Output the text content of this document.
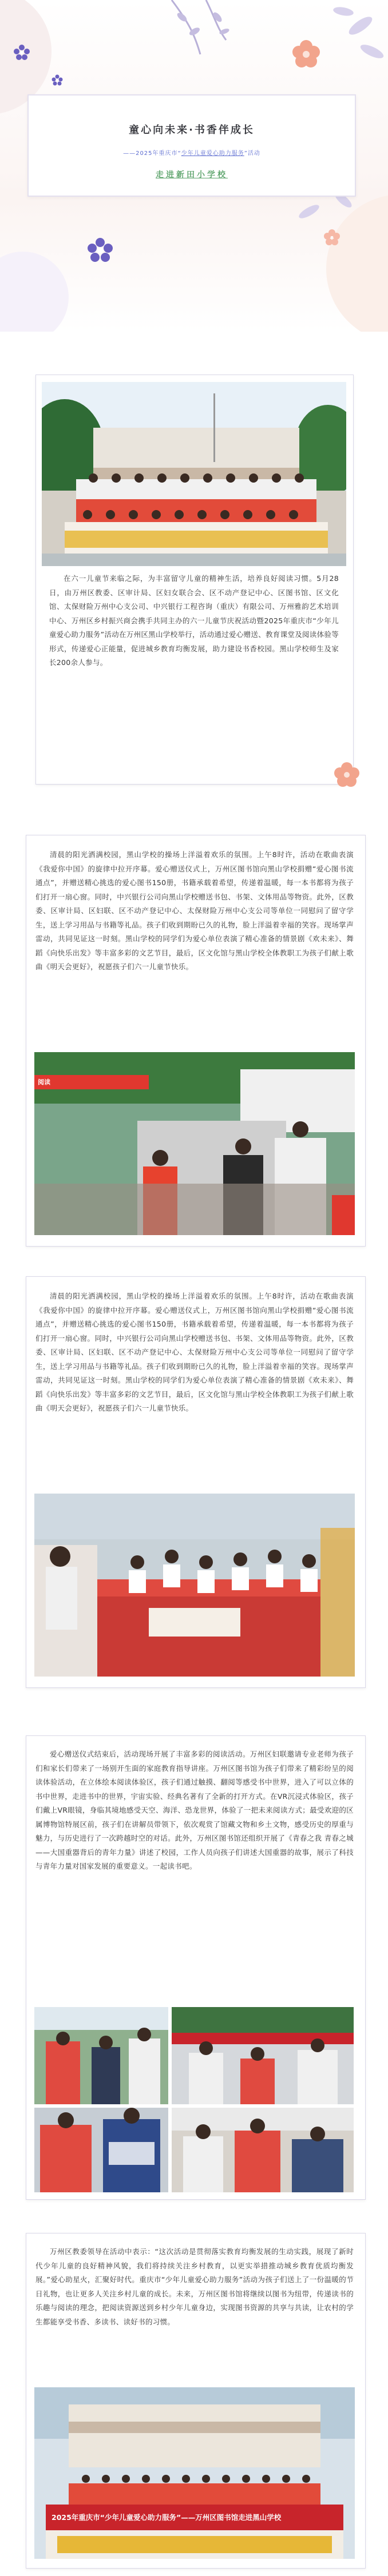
童心向未来·书香伴成长
——2025年重庆市“少年儿童爱心助力服务”活动
走进新田小学校
在六一儿童节来临之际，为丰富留守儿童的精神生活，培养良好阅读习惯。5月28日，由万州区教委、区审计局、区妇女联合会、区不动产登记中心、区图书馆、区文化馆、太保财险万州中心支公司、中兴银行工程咨询（重庆）有限公司、万州雅韵艺术培训中心、万州区乡村振兴商会携手共同主办的六一儿童节庆祝活动暨2025年重庆市“少年儿童爱心助力服务”活动在万州区黑山学校举行，活动通过爱心赠送、教育课堂及阅读体验等形式，传递爱心正能量，促进城乡教育均衡发展，助力建设书香校园。黑山学校师生及家长200余人参与。
清晨的阳光洒满校园，黑山学校的操场上洋溢着欢乐的氛围。上午8时许，活动在歌曲表演《我爱你中国》的旋律中拉开序幕。爱心赠送仪式上，万州区图书馆向黑山学校捐赠“爱心图书流通点”，并赠送精心挑选的爱心图书150册，书籍承载着希望，传递着温暖，每一本书都将为孩子们打开一扇心窗。同时，中兴银行公司向黑山学校赠送书包、书架、文体用品等物资。此外，区教委、区审计局、区妇联、区不动产登记中心、太保财险万州中心支公司等单位一同慰问了留守学生，送上学习用品与书籍等礼品。孩子们收到期盼已久的礼物，脸上洋溢着幸福的笑容。现场掌声雷动，共同见证这一时刻。黑山学校的同学们为爱心单位表演了精心准备的情景剧《欢未来》、舞蹈《向快乐出发》等丰富多彩的文艺节目，最后，区文化馆与黑山学校全体教职工为孩子们献上歌曲《明天会更好》，祝愿孩子们六一儿童节快乐。
阅读
清晨的阳光洒满校园，黑山学校的操场上洋溢着欢乐的氛围。上午8时许，活动在歌曲表演《我爱你中国》的旋律中拉开序幕。爱心赠送仪式上，万州区图书馆向黑山学校捐赠“爱心图书流通点”，并赠送精心挑选的爱心图书150册，书籍承载着希望，传递着温暖，每一本书都将为孩子们打开一扇心窗。同时，中兴银行公司向黑山学校赠送书包、书架、文体用品等物资。此外，区教委、区审计局、区妇联、区不动产登记中心、太保财险万州中心支公司等单位一同慰问了留守学生，送上学习用品与书籍等礼品。孩子们收到期盼已久的礼物，脸上洋溢着幸福的笑容。现场掌声雷动，共同见证这一时刻。黑山学校的同学们为爱心单位表演了精心准备的情景剧《欢未来》、舞蹈《向快乐出发》等丰富多彩的文艺节目，最后，区文化馆与黑山学校全体教职工为孩子们献上歌曲《明天会更好》，祝愿孩子们六一儿童节快乐。
爱心赠送仪式结束后，活动现场开展了丰富多彩的阅读活动。万州区妇联邀请专业老师为孩子们和家长们带来了一场别开生面的家庭教育指导讲座。万州区图书馆为孩子们带来了精彩纷呈的阅读体验活动，在立体绘本阅读体验区，孩子们通过触摸、翻阅等感受书中世界，进入了可以立体的书中世界，走进书中的世界，宇宙实验、经典名著有了全新的打开方式。在VR沉浸式体验区，孩子们戴上VR眼镜，身临其境地感受天空、海洋、恐龙世界，体验了一把未来阅读方式；最受欢迎的区属博物馆特展区前，孩子们在讲解员带领下，依次观赏了馆藏文物和乡土文物，感受历史的厚重与魅力，与历史进行了一次跨越时空的对话。此外，万州区图书馆还组织开展了《青春之我 青春之城——大国重器背后的青年力量》讲述了校园，工作人员向孩子们讲述大国重器的故事，展示了科技与青年力量对国家发展的重要意义。一起读书吧。
万州区教委领导在活动中表示：“这次活动是贯彻落实教育均衡发展的生动实践，展现了新时代少年儿童的良好精神风貌，我们将持续关注乡村教育，以更实举措推动城乡教育优质均衡发展。”爱心助星火，汇聚好时代。重庆市“少年儿童爱心助力服务”活动为孩子们送上了一份温暖的节日礼物，也让更多人关注乡村儿童的成长。未来，万州区图书馆将继续以图书为纽带，传递读书的乐趣与阅读的理念，把阅读资源送到乡村少年儿童身边，实现图书资源的共享与共读，让农村的学生都能享受书香、多读书、读好书的习惯。
2025年重庆市“少年儿童爱心助力服务”——万州区图书馆走进黑山学校
